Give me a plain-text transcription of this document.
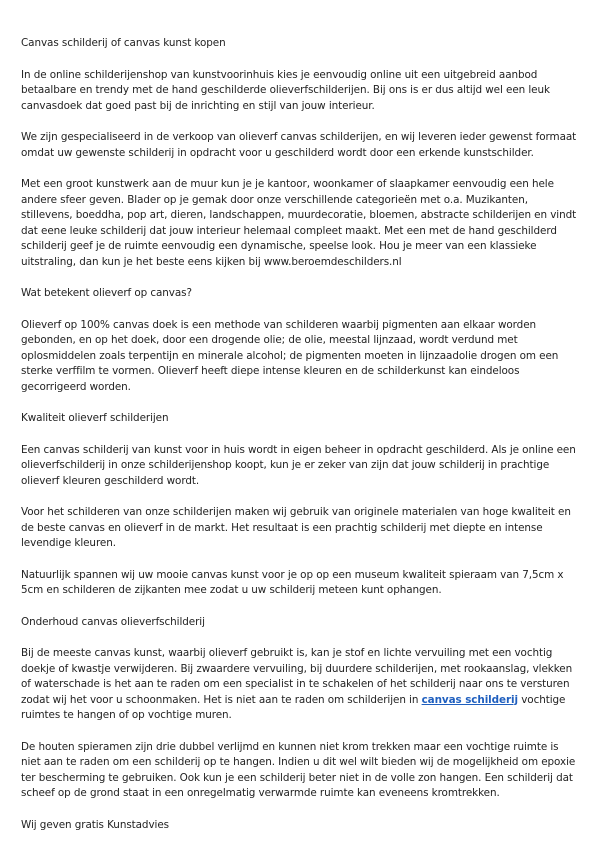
Canvas schilderij of canvas kunst kopen

In de online schilderijenshop van kunstvoorinhuis kies je eenvoudig online uit een uitgebreid aanbod betaalbare en trendy met de hand geschilderde olieverfschilderijen. Bij ons is er dus altijd wel een leuk canvasdoek dat goed past bij de inrichting en stijl van jouw interieur.

We zijn gespecialiseerd in de verkoop van olieverf canvas schilderijen, en wij leveren ieder gewenst formaat omdat uw gewenste schilderij in opdracht voor u geschilderd wordt door een erkende kunstschilder.

Met een groot kunstwerk aan de muur kun je je kantoor, woonkamer of slaapkamer eenvoudig een hele andere sfeer geven. Blader op je gemak door onze verschillende categorieën met o.a. Muzikanten, stillevens, boeddha, pop art, dieren, landschappen, muurdecoratie, bloemen, abstracte schilderijen en vindt dat eene leuke schilderij dat jouw interieur helemaal compleet maakt. Met een met de hand geschilderd schilderij geef je de ruimte eenvoudig een dynamische, speelse look. Hou je meer van een klassieke uitstraling, dan kun je het beste eens kijken bij www.beroemdeschilders.nl

Wat betekent olieverf op canvas?

Olieverf op 100% canvas doek is een methode van schilderen waarbij pigmenten aan elkaar worden gebonden, en op het doek, door een drogende olie; de olie, meestal lijnzaad, wordt verdund met oplosmiddelen zoals terpentijn en minerale alcohol; de pigmenten moeten in lijnzaadolie drogen om een sterke verffilm te vormen. Olieverf heeft diepe intense kleuren en de schilderkunst kan eindeloos gecorrigeerd worden.

Kwaliteit olieverf schilderijen

Een canvas schilderij van kunst voor in huis wordt in eigen beheer in opdracht geschilderd. Als je online een olieverfschilderij in onze schilderijenshop koopt, kun je er zeker van zijn dat jouw schilderij in prachtige olieverf kleuren geschilderd wordt.

Voor het schilderen van onze schilderijen maken wij gebruik van originele materialen van hoge kwaliteit en de beste canvas en olieverf in de markt. Het resultaat is een prachtig schilderij met diepte en intense levendige kleuren.

Natuurlijk spannen wij uw mooie canvas kunst voor je op op een museum kwaliteit spieraam van 7,5cm x 5cm en schilderen de zijkanten mee zodat u uw schilderij meteen kunt ophangen.

Onderhoud canvas olieverfschilderij

Bij de meeste canvas kunst, waarbij olieverf gebruikt is, kan je stof en lichte vervuiling met een vochtig doekje of kwastje verwijderen. Bij zwaardere vervuiling, bij duurdere schilderijen, met rookaanslag, vlekken of waterschade is het aan te raden om een specialist in te schakelen of het schilderij naar ons te versturen zodat wij het voor u schoonmaken. Het is niet aan te raden om schilderijen in canvas schilderij vochtige ruimtes te hangen of op vochtige muren.

De houten spieramen zijn drie dubbel verlijmd en kunnen niet krom trekken maar een vochtige ruimte is niet aan te raden om een schilderij op te hangen. Indien u dit wel wilt bieden wij de mogelijkheid om epoxie ter bescherming te gebruiken. Ook kun je een schilderij beter niet in de volle zon hangen. Een schilderij dat scheef op de grond staat in een onregelmatig verwarmde ruimte kan eveneens kromtrekken.

Wij geven gratis Kunstadvies
